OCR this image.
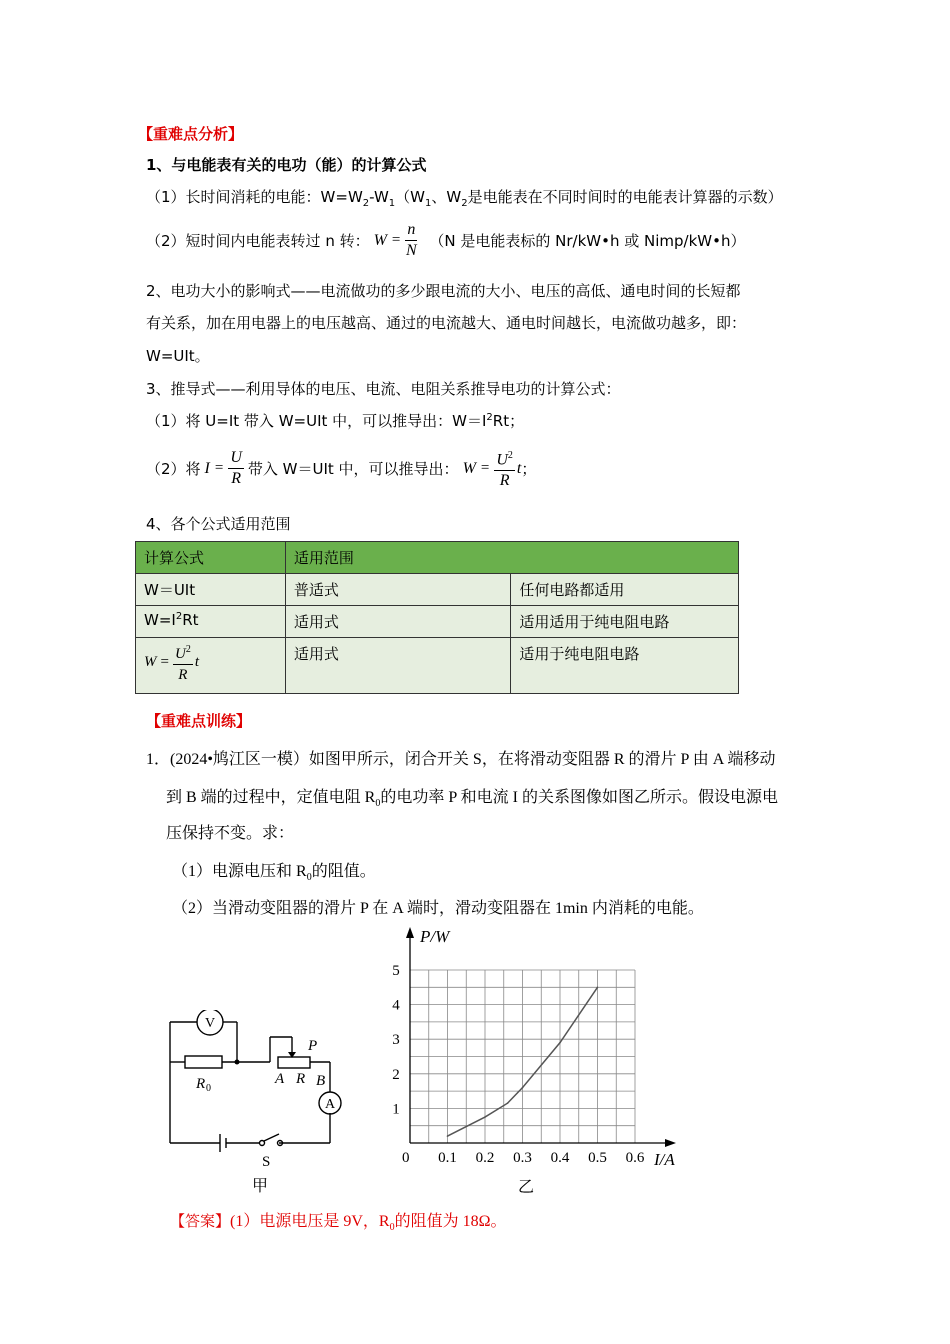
【重难点分析】
1、与电能表有关的电功（能）的计算公式
（1）长时间消耗的电能：$W=W_2-W_1(W_1$、$W_2$是电能表在不同时间时的电能表计算器的示数）
（2）短时间内电能表转过 n 转： $W = \frac{n}{N} (N$ 是电能表标的 Nr/kW•h 或 Nimp/kW•h）
2、电功大小的影响式——电流做功的多少跟电流的大小、电压的高低、通电时间的长短都
有关系，加在用电器上的电压越高、通过的电流越大、通电时间越长，电流做功越多，即：
W=UIt。
3、推导式——利用导体的电压、电流、电阻关系推导电功的计算公式：
（1）将 U=It 带入 W=UIt 中，可以推导出：$W=I^2Rt$；
（2）将 $I = \frac{U}{R}$ 带入 W＝UIt 中，可以推导出： $W = \frac{U^2}{R}$ t ；
4、各个公式适用范围
计算公式	适用范围	
W＝UIt	普适式	任何电路都适用
$W=I^2Rt$	适用式	适用适用于纯电阻电路

$W = \frac{U^2}{R}$ t	适用式	适用于纯电阻电路
【重难点训练】
1．(2024•鸠江区一模）如图甲所示，闭合开关 S，在将滑动变阻器 R 的滑片 P 由 A 端移动
到 B 端的过程中，定值电阻 $R_0$的电功率 P 和电流 I 的关系图像如图乙所示。假设电源电
压保持不变。求：
（1）电源电压和 $R_0$的阻值。
（2）当滑动变阻器的滑片 P 在 A 端时，滑动变阻器在 1min 内消耗的电能。
V
A
R 0
P
A R B
S
甲
0.1 0.2 0.3 0.4 0.5 0.6
1
2
3
4
5
P/W
I/A
0
乙
【答案】(1）电源电压是 9V，$R_0$的阻值为 18Ω。
